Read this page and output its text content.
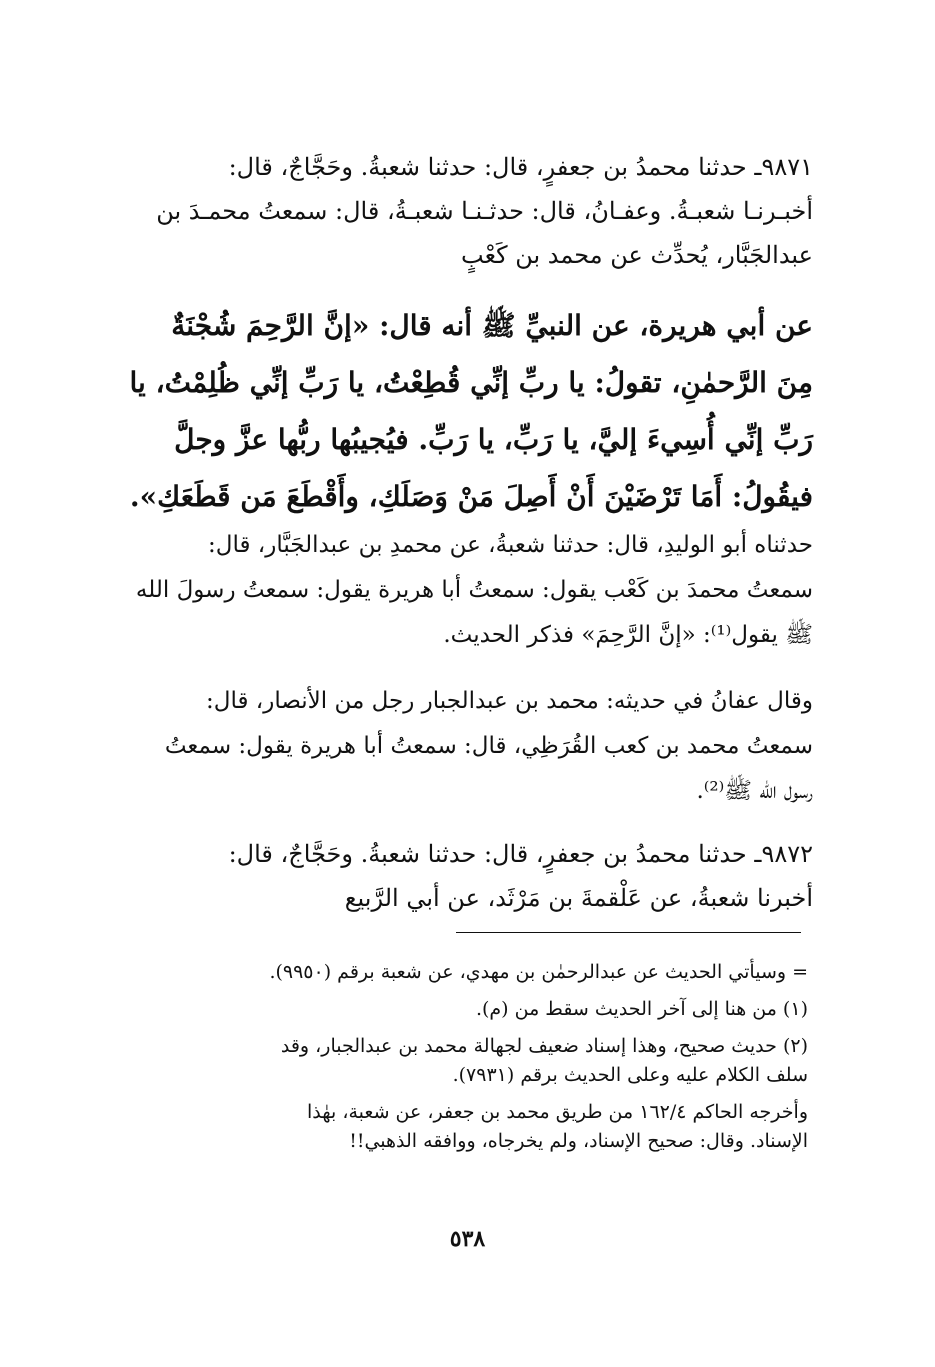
٩٨٧١ـ حدثنا محمدُ بن جعفرٍ، قال: حدثنا شعبةُ. وحَجَّاجٌ، قال:
أخبـرنـا شعبـةُ. وعفـانُ، قال: حدثـنـا شعبـةُ، قال: سمعتُ محمـدَ بن
عبدالجَبَّار، يُحدِّث عن محمد بن كَعْبٍ
عن أبي هريرة، عن النبيِّ ﷺ أنه قال: «إنَّ الرَّحِمَ شُجْنَةٌ
مِنَ الرَّحمٰنِ، تقولُ: يا ربِّ إنِّي قُطِعْتُ، يا رَبِّ إنِّي ظُلِمْتُ، يا
رَبِّ إنِّي أُسِيءَ إليَّ، يا رَبِّ، يا رَبِّ. فيُجيبُها ربُّها عزَّ وجلَّ
فيقُولُ: أَمَا تَرْضَيْنَ أَنْ أَصِلَ مَنْ وَصَلَكِ، وأَقْطَعَ مَن قَطَعَكِ».
حدثناه أبو الوليدِ، قال: حدثنا شعبةُ، عن محمدِ بن عبدالجَبَّار، قال:
سمعتُ محمدَ بن كَعْب يقول: سمعتُ أبا هريرة يقول: سمعتُ رسولَ الله
ﷺ يقول⁽¹⁾: «إنَّ الرَّحِمَ» فذكر الحديث.
وقال عفانُ في حديثه: محمد بن عبدالجبار رجل من الأنصار، قال:
سمعتُ محمد بن كعب القُرَظِي، قال: سمعتُ أبا هريرة يقول: سمعتُ
رسول الله ﷺ⁽²⁾.
٩٨٧٢ـ حدثنا محمدُ بن جعفرٍ، قال: حدثنا شعبةُ. وحَجَّاجٌ، قال:
أخبرنا شعبةُ، عن عَلْقمةَ بن مَرْثَد، عن أبي الرَّبيع
= وسيأتي الحديث عن عبدالرحمٰن بن مهدي، عن شعبة برقم (٩٩٥٠).
(١) من هنا إلى آخر الحديث سقط من (م).
(٢) حديث صحيح، وهذا إسناد ضعيف لجهالة محمد بن عبدالجبار، وقد
سلف الكلام عليه وعلى الحديث برقم (٧٩٣١).
وأخرجه الحاكم ١٦٢/٤ من طريق محمد بن جعفر، عن شعبة، بهٰذا
الإسناد. وقال: صحيح الإسناد، ولم يخرجاه، ووافقه الذهبي!!
٥٣٨
